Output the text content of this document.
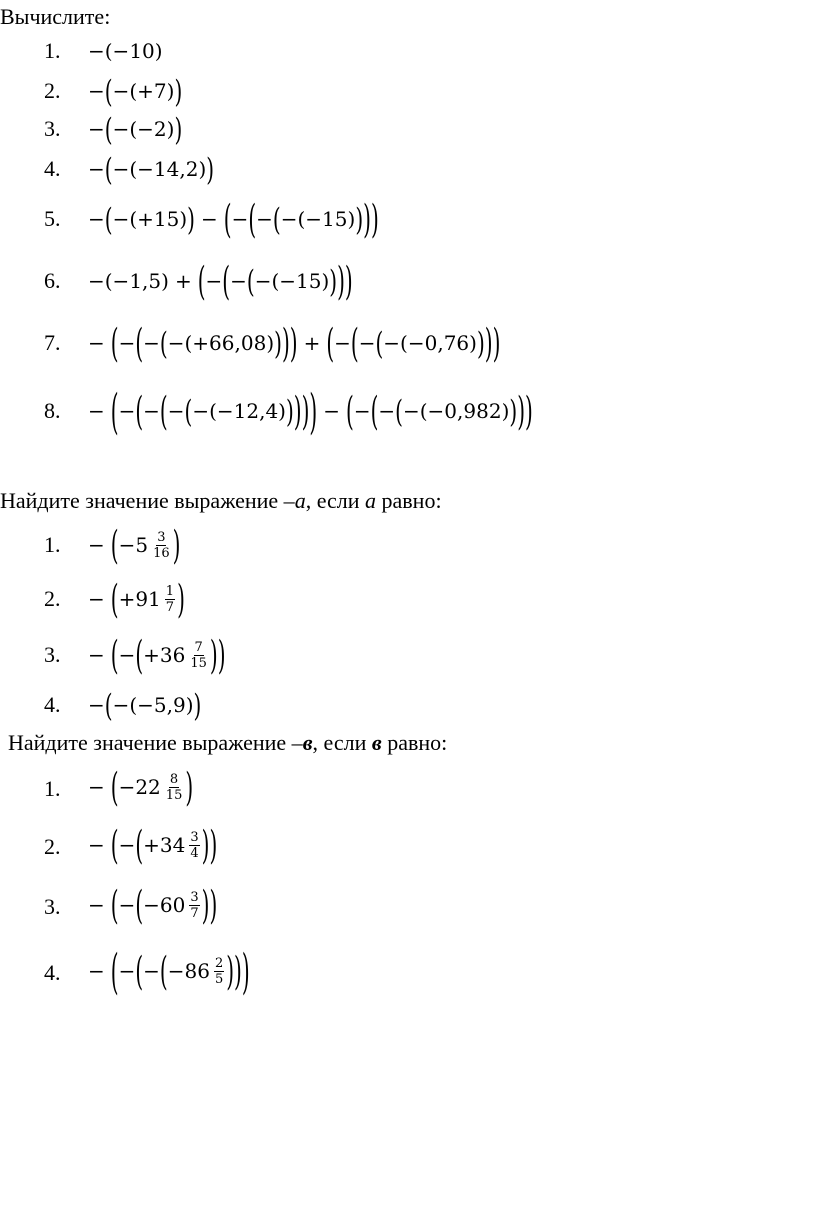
Вычислите:
1.	−(− 10 )
2.	− ( −( +7 ) )
3.	− ( −( −2 ) )
4.	− ( −(− 14,2 ) )
5.	− ( −( +15 ) ) − ( − ( − ( −( −15 ) ) ) )
6.	−(− 1,5 ) + ( − ( − ( −(− 15 ) ) ) )
7.	− ( − ( − ( −( +66,08 ) ) ) ) + ( − ( − ( −(− 0,76 ) ) ) )
8.	− ( − ( − ( − ( −(− 12,4 ) ) ) ) ) − ( − ( − ( −(− 0,982 ) ) ) )
Найдите значение выражение –а, если а равно:
1.	− ( $-5 \frac{3}{16}$ )
2.	− ( $+91 \frac{1}{7}$ )
3.	− ( − ( $+36 \frac{7}{15}$ ) )
4.	− ( −(− 5,9 ) )
Найдите значение выражение –в, если в равно:
1.	− ( $-22 \frac{8}{15}$ )
2.	− ( − ( $+34 \frac{3}{4}$ ) )
3.	− ( − ( $-60 \frac{3}{7}$ ) )
4.	− ( − ( − ( $-86 \frac{2}{5}$ ) ) )
